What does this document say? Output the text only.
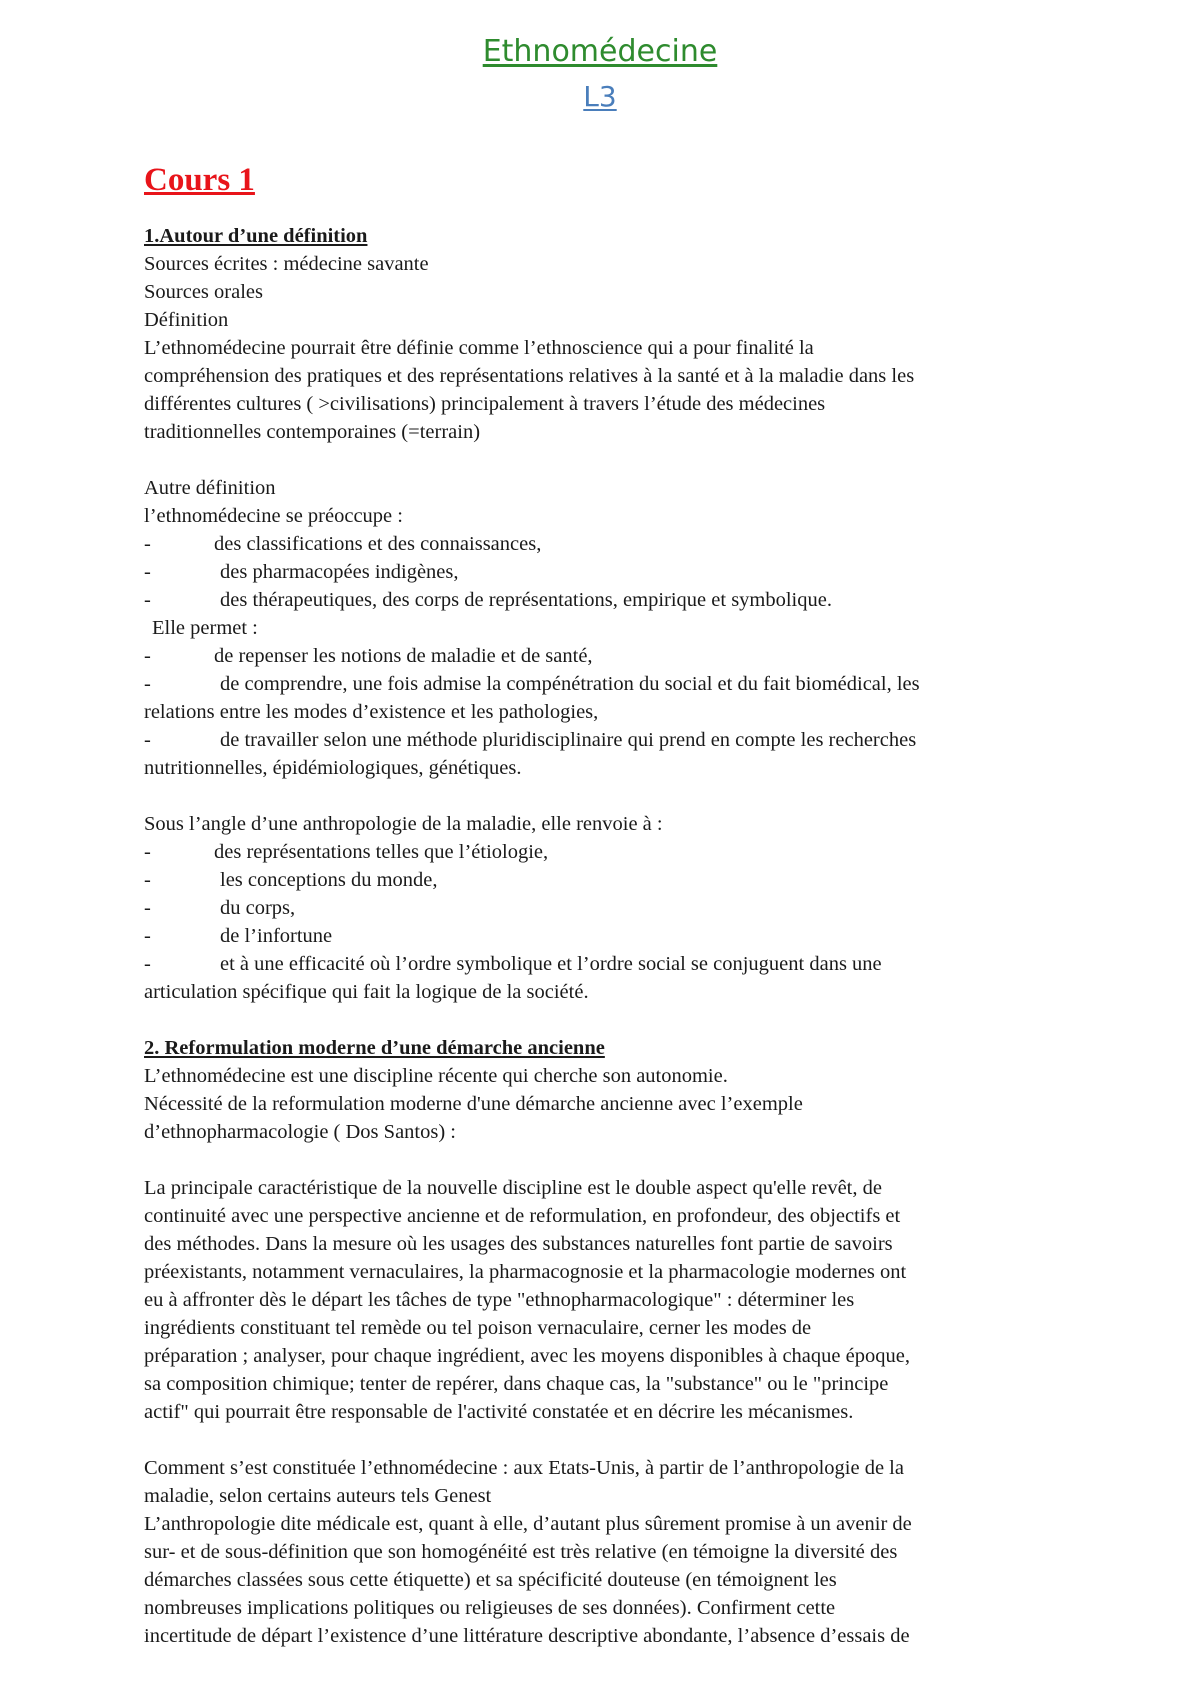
Ethnomédecine
L3
Cours 1
1.Autour d’une définition
Sources écrites : médecine savante
Sources orales
Définition
L’ethnomédecine pourrait être définie comme l’ethnoscience qui a pour finalité la
compréhension des pratiques et des représentations relatives à la santé et à la maladie dans les
différentes cultures ( >civilisations) principalement à travers l’étude des médecines
traditionnelles contemporaines (=terrain)
Autre définition
l’ethnomédecine se préoccupe :
-	des classifications et des connaissances,
-	des pharmacopées indigènes,
-	des thérapeutiques, des corps de représentations, empirique et symbolique.
Elle permet :
-	de repenser les notions de maladie et de santé,
-	de comprendre, une fois admise la compénétration du social et du fait biomédical, les
relations entre les modes d’existence et les pathologies,
-	de travailler selon une méthode pluridisciplinaire qui prend en compte les recherches
nutritionnelles, épidémiologiques, génétiques.
Sous l’angle d’une anthropologie de la maladie, elle renvoie à :
-	des représentations telles que l’étiologie,
-	les conceptions du monde,
-	du corps,
-	de l’infortune
-	et à une efficacité où l’ordre symbolique et l’ordre social se conjuguent dans une
articulation spécifique qui fait la logique de la société.
2. Reformulation moderne d’une démarche ancienne
L’ethnomédecine est une discipline récente qui cherche son autonomie.
Nécessité de la reformulation moderne d'une démarche ancienne avec l’exemple
d’ethnopharmacologie ( Dos Santos) :
La principale caractéristique de la nouvelle discipline est le double aspect qu'elle revêt, de
continuité avec une perspective ancienne et de reformulation, en profondeur, des objectifs et
des méthodes. Dans la mesure où les usages des substances naturelles font partie de savoirs
préexistants, notamment vernaculaires, la pharmacognosie et la pharmacologie modernes ont
eu à affronter dès le départ les tâches de type "ethnopharmacologique" : déterminer les
ingrédients constituant tel remède ou tel poison vernaculaire, cerner les modes de
préparation ; analyser, pour chaque ingrédient, avec les moyens disponibles à chaque époque,
sa composition chimique; tenter de repérer, dans chaque cas, la "substance" ou le "principe
actif" qui pourrait être responsable de l'activité constatée et en décrire les mécanismes.
Comment s’est constituée l’ethnomédecine : aux Etats-Unis, à partir de l’anthropologie de la
maladie, selon certains auteurs tels Genest
L’anthropologie dite médicale est, quant à elle, d’autant plus sûrement promise à un avenir de
sur- et de sous-définition que son homogénéité est très relative (en témoigne la diversité des
démarches classées sous cette étiquette) et sa spécificité douteuse (en témoignent les
nombreuses implications politiques ou religieuses de ses données). Confirment cette
incertitude de départ l’existence d’une littérature descriptive abondante, l’absence d’essais de
